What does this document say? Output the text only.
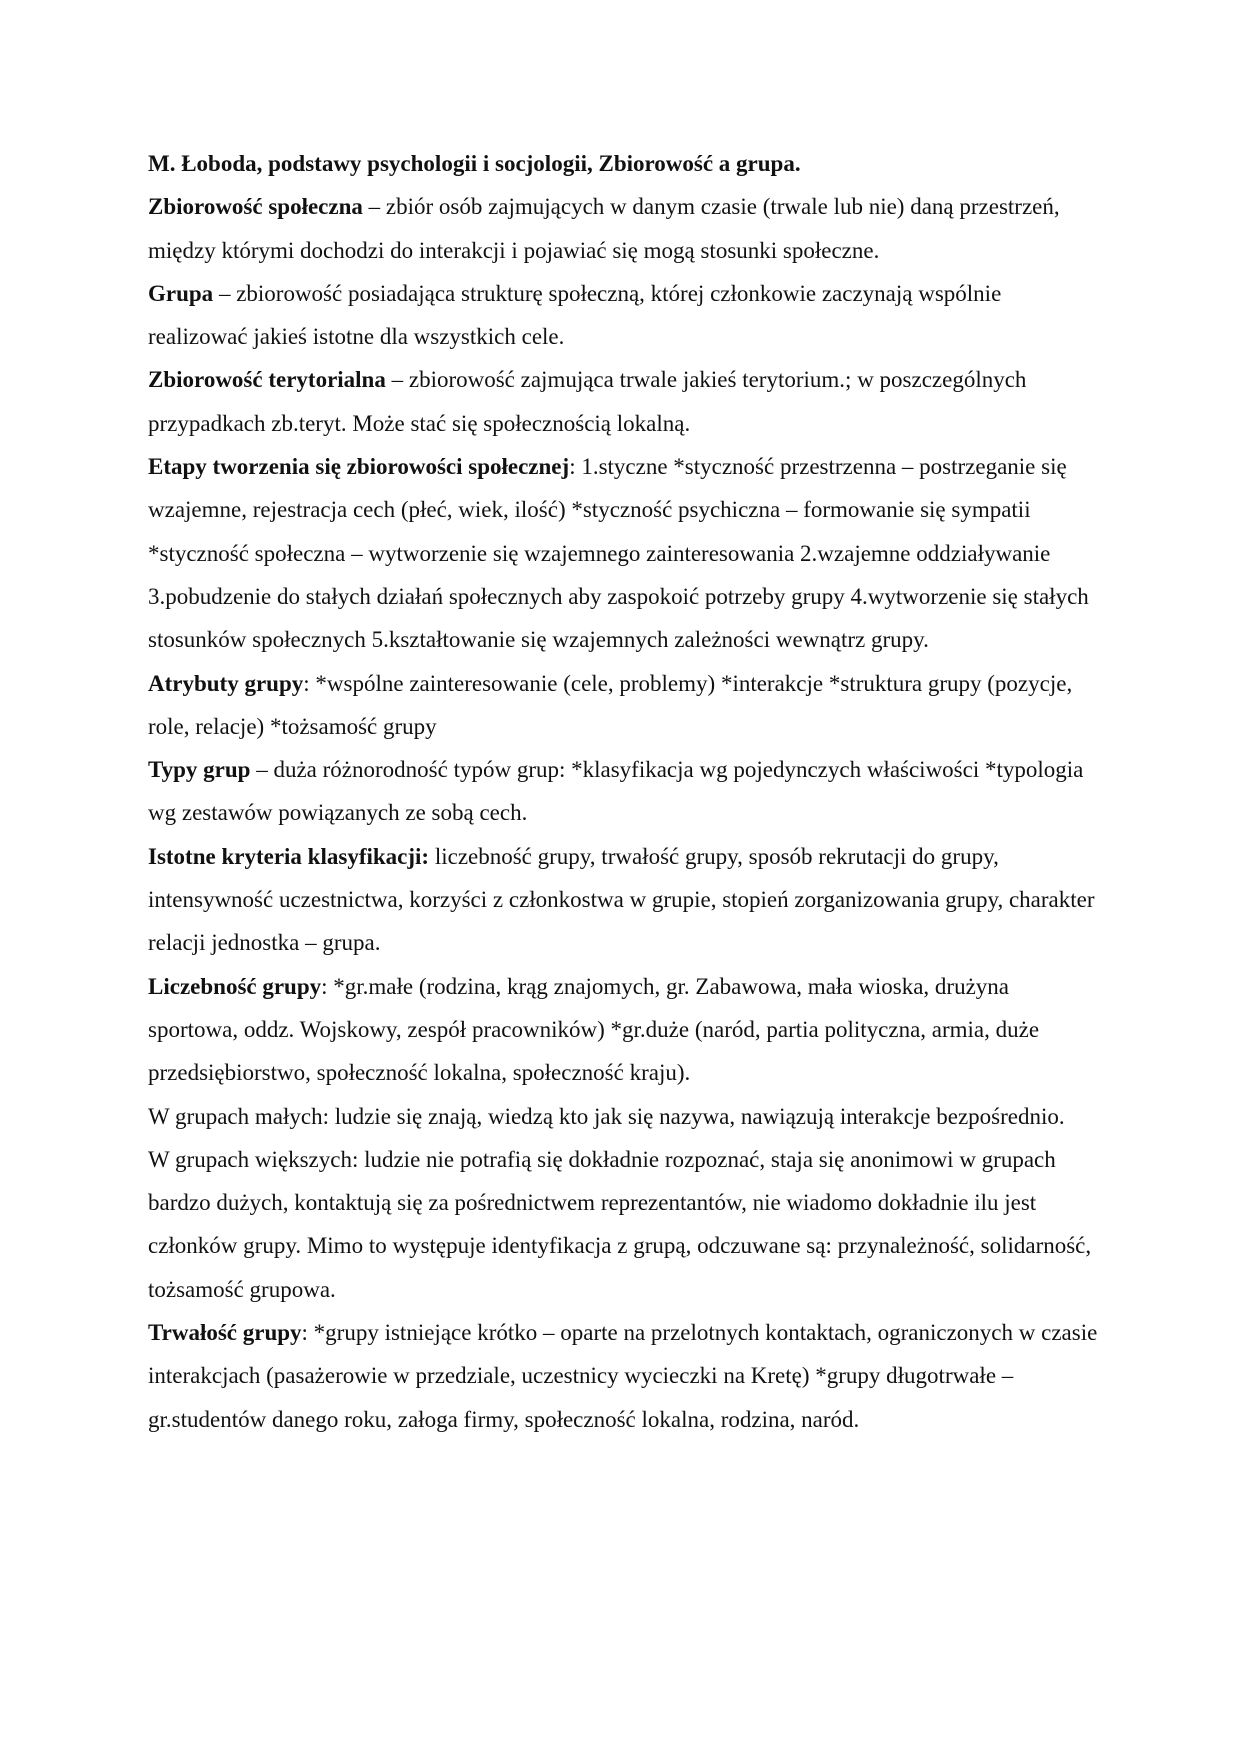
M. Łoboda, podstawy psychologii i socjologii, Zbiorowość a grupa.

Zbiorowość społeczna – zbiór osób zajmujących w danym czasie (trwale lub nie) daną przestrzeń, między którymi dochodzi do interakcji i pojawiać się mogą stosunki społeczne.

Grupa – zbiorowość posiadająca strukturę społeczną, której członkowie zaczynają wspólnie realizować jakieś istotne dla wszystkich cele.

Zbiorowość terytorialna – zbiorowość zajmująca trwale jakieś terytorium.; w poszczególnych przypadkach zb.teryt. Może stać się społecznością lokalną.

Etapy tworzenia się zbiorowości społecznej: 1.styczne *styczność przestrzenna – postrzeganie się wzajemne, rejestracja cech (płeć, wiek, ilość) *styczność psychiczna – formowanie się sympatii *styczność społeczna – wytworzenie się wzajemnego zainteresowania 2.wzajemne oddziaływanie 3.pobudzenie do stałych działań społecznych aby zaspokoić potrzeby grupy 4.wytworzenie się stałych stosunków społecznych 5.kształtowanie się wzajemnych zależności wewnątrz grupy.

Atrybuty grupy: *wspólne zainteresowanie (cele, problemy) *interakcje *struktura grupy (pozycje, role, relacje) *tożsamość grupy

Typy grup – duża różnorodność typów grup: *klasyfikacja wg pojedynczych właściwości *typologia wg zestawów powiązanych ze sobą cech.

Istotne kryteria klasyfikacji: liczebność grupy, trwałość grupy, sposób rekrutacji do grupy, intensywność uczestnictwa, korzyści z członkostwa w grupie, stopień zorganizowania grupy, charakter relacji jednostka – grupa.

Liczebność grupy: *gr.małe (rodzina, krąg znajomych, gr. Zabawowa, mała wioska, drużyna sportowa, oddz. Wojskowy, zespół pracowników) *gr.duże (naród, partia polityczna, armia, duże przedsiębiorstwo, społeczność lokalna, społeczność kraju).

W grupach małych: ludzie się znają, wiedzą kto jak się nazywa, nawiązują interakcje bezpośrednio.

W grupach większych: ludzie nie potrafią się dokładnie rozpoznać, staja się anonimowi w grupach bardzo dużych, kontaktują się za pośrednictwem reprezentantów, nie wiadomo dokładnie ilu jest członków grupy. Mimo to występuje identyfikacja z grupą, odczuwane są: przynależność, solidarność, tożsamość grupowa.

Trwałość grupy: *grupy istniejące krótko – oparte na przelotnych kontaktach, ograniczonych w czasie interakcjach (pasażerowie w przedziale, uczestnicy wycieczki na Kretę) *grupy długotrwałe – gr.studentów danego roku, załoga firmy, społeczność lokalna, rodzina, naród.
